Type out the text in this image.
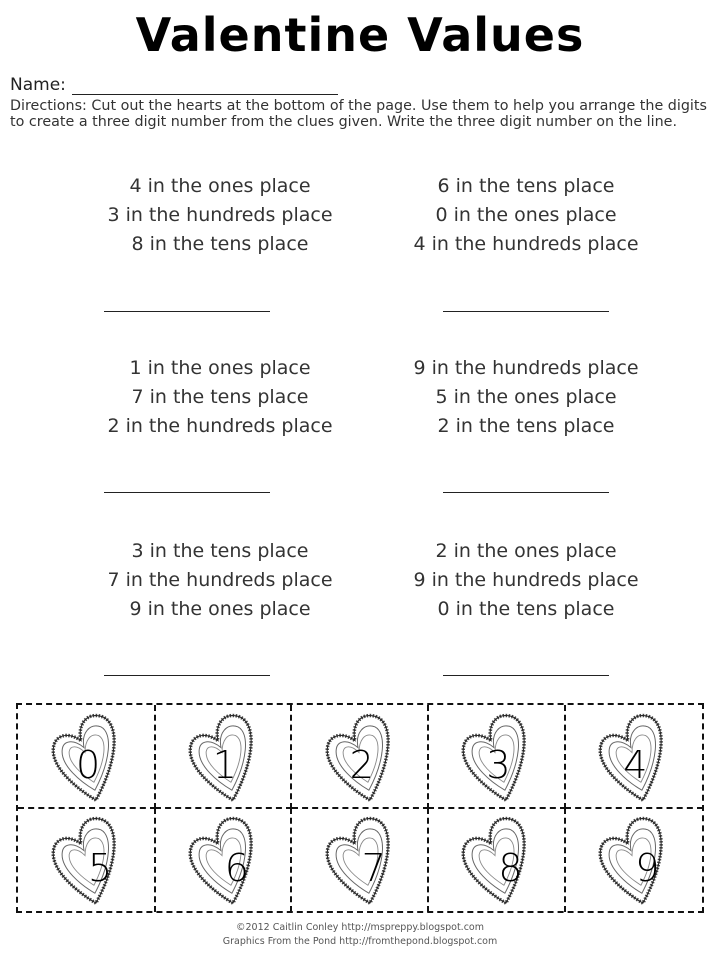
Valentine Values
Name:
Directions: Cut out the hearts at the bottom of the page. Use them to help you arrange the digits to create a three digit number from the clues given. Write the three digit number on the line.
4 in the ones place
3 in the hundreds place
8 in the tens place
6 in the tens place
0 in the ones place
4 in the hundreds place
1 in the ones place
7 in the tens place
2 in the hundreds place
9 in the hundreds place
5 in the ones place
2 in the tens place
3 in the tens place
7 in the hundreds place
9 in the ones place
2 in the ones place
9 in the hundreds place
0 in the tens place
0	1	2	3	4
5	6	7	8	9
©2012 Caitlin Conley http://mspreppy.blogspot.com
Graphics From the Pond http://fromthepond.blogspot.com
